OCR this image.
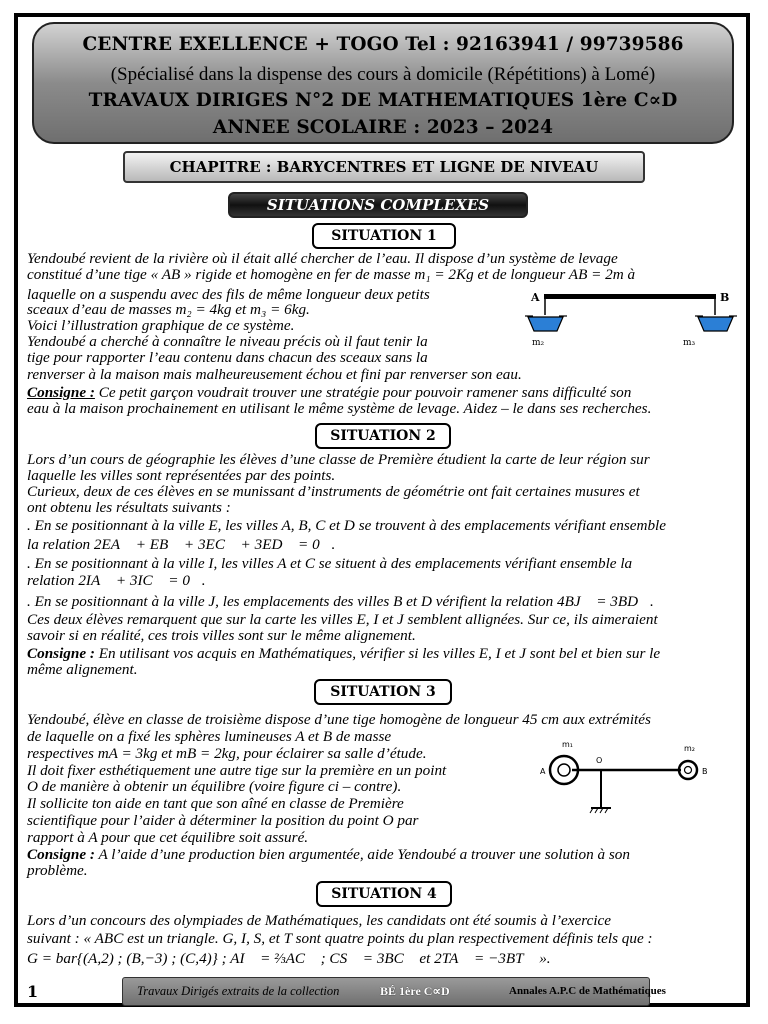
CENTRE EXELLENCE + TOGO Tel : 92163941 / 99739586
(Spécialisé dans la dispense des cours à domicile (Répétitions) à Lomé)
TRAVAUX DIRIGES N°2 DE MATHEMATIQUES 1ère C∝D
ANNEE SCOLAIRE : 2023 – 2024
CHAPITRE : BARYCENTRES ET LIGNE DE NIVEAU
SITUATIONS COMPLEXES
SITUATION 1
Yendoubé revient de la rivière où il était allé chercher de l’eau. Il dispose d’un système de levage
constitué d’une tige « AB » rigide et homogène en fer de masse m₁ = 2Kg et de longueur AB = 2m à
laquelle on a suspendu avec des fils de même longueur deux petits
sceaux d’eau de masses m₂ = 4kg et m₃ = 6kg.
Voici l’illustration graphique de ce système.
Yendoubé a cherché à connaître le niveau précis où il faut tenir la
tige pour rapporter l’eau contenu dans chacun des sceaux sans la
renverser à la maison mais malheureusement échou et fini par renverser son eau.
Consigne : Ce petit garçon voudrait trouver une stratégie pour pouvoir ramener sans difficulté son
eau à la maison prochainement en utilisant le même système de levage. Aidez – le dans ses recherches.
A	B
m₂	m₃
SITUATION 2
Lors d’un cours de géographie les élèves d’une classe de Première étudient la carte de leur région sur
laquelle les villes sont représentées par des points.
Curieux, deux de ces élèves en se munissant d’instruments de géométrie ont fait certaines musures et
ont obtenu les résultats suivants :
. En se positionnant à la ville E, les villes A, B, C et D se trouvent à des emplacements vérifiant ensemble
la relation 2EA⃗ + EB⃗ + 3EC⃗ + 3ED⃗ = 0⃗.
. En se positionnant à la ville I, les villes A et C se situent à des emplacements vérifiant ensemble la
relation 2IA⃗ + 3IC⃗ = 0⃗.
. En se positionnant à la ville J, les emplacements des villes B et D vérifient la relation 4BJ⃗ = 3BD⃗.
Ces deux élèves remarquent que sur la carte les villes E, I et J semblent allignées. Sur ce, ils aimeraient
savoir si en réalité, ces trois villes sont sur le même alignement.
Consigne : En utilisant vos acquis en Mathématiques, vérifier si les villes E, I et J sont bel et bien sur le
même alignement.
SITUATION 3
Yendoubé, élève en classe de troisième dispose d’une tige homogène de longueur 45 cm aux extrémités
de laquelle on a fixé les sphères lumineuses A et B de masse
respectives mA = 3kg et mB = 2kg, pour éclairer sa salle d’étude.
Il doit fixer esthétiquement une autre tige sur la première en un point
O de manière à obtenir un équilibre (voire figure ci – contre).
Il sollicite ton aide en tant que son aîné en classe de Première
scientifique pour l’aider à déterminer la position du point O par
rapport à A pour que cet équilibre soit assuré.
Consigne : A l’aide d’une production bien argumentée, aide Yendoubé a trouver une solution à son
problème.
m₁	m₂
A	B
O
SITUATION 4
Lors d’un concours des olympiades de Mathématiques, les candidats ont été soumis à l’exercice
suivant : « ABC est un triangle. G, I, S, et T sont quatre points du plan respectivement définis tels que :
G = bar{(A,2) ; (B,−3) ; (C,4)} ; AI⃗ = ⅔AC⃗ ; CS⃗ = 3BC⃗ et 2TA⃗ = −3BT⃗ ».
1	Travaux Dirigés extraits de la collection	BÉ 1ère C∝D	Annales A.P.C de Mathématiques
